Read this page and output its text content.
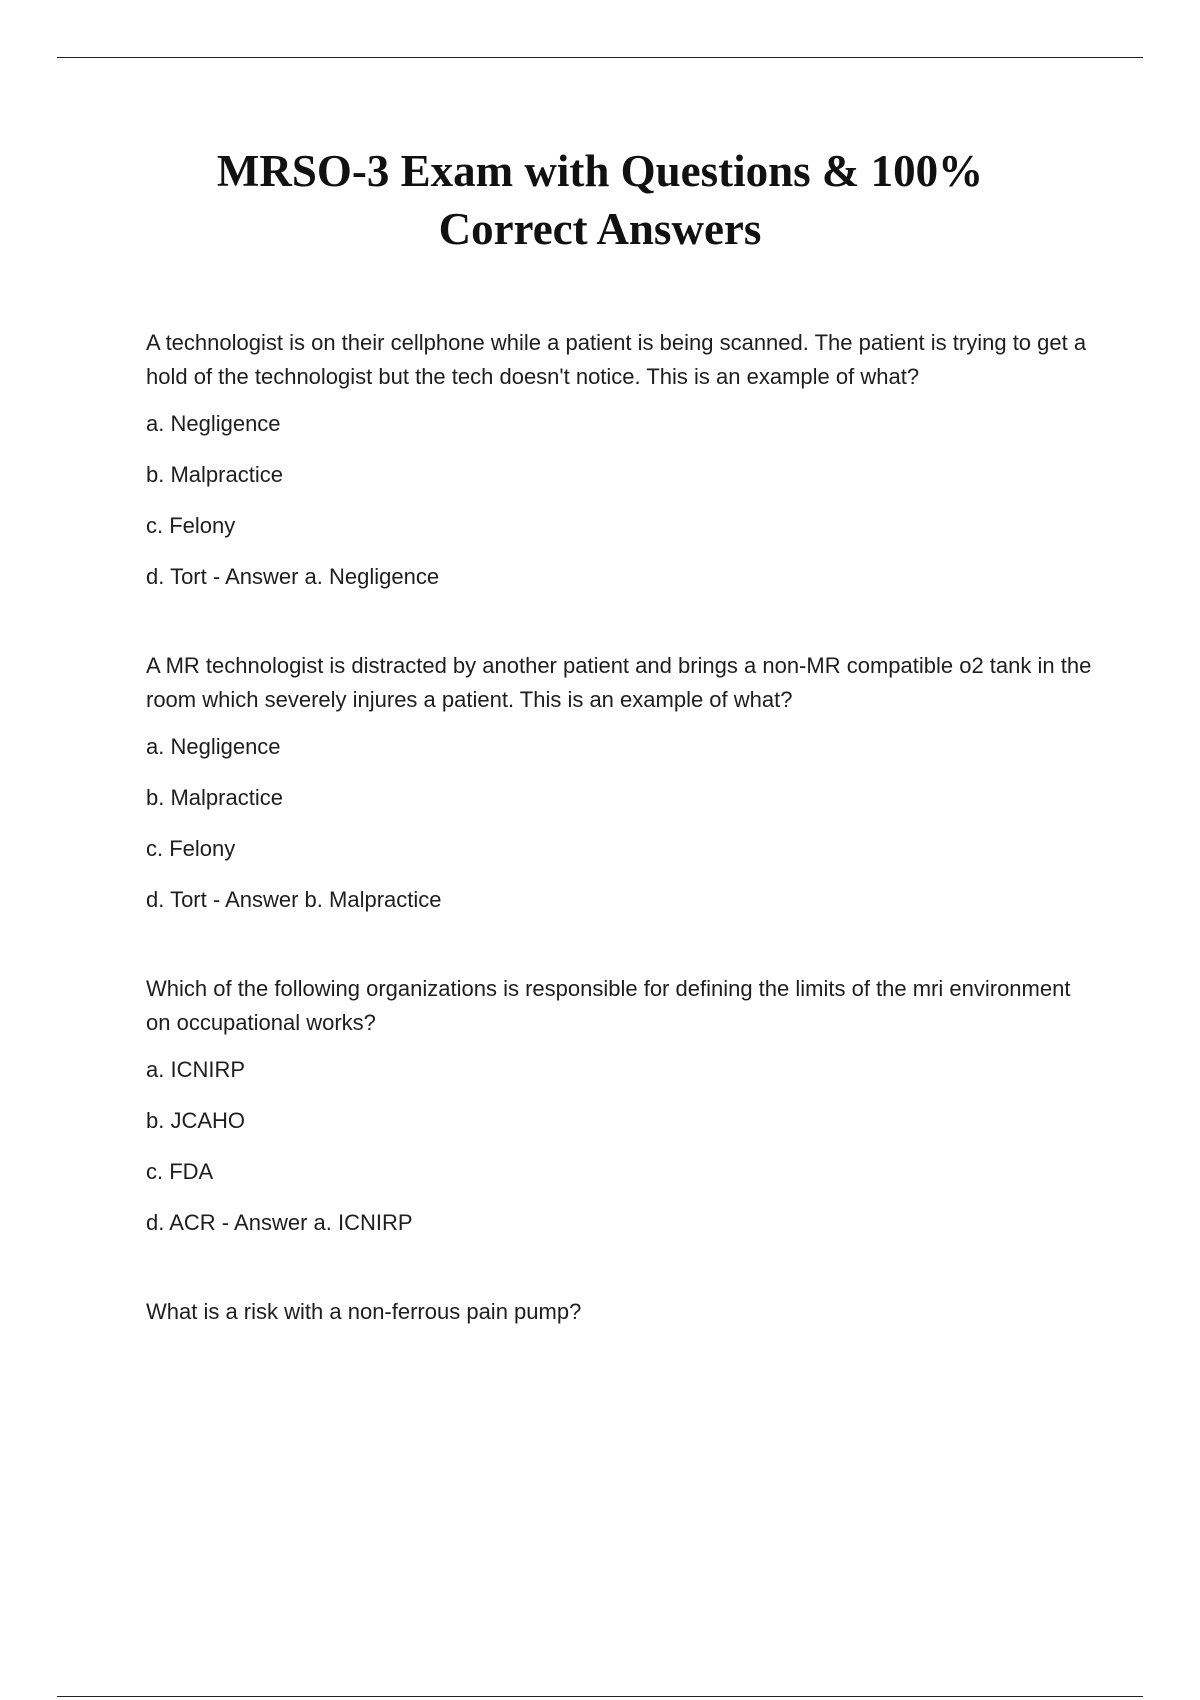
MRSO-3 Exam with Questions & 100%
Correct Answers

A technologist is on their cellphone while a patient is being scanned. The patient is trying to get a hold of the technologist but the tech doesn't notice. This is an example of what?

a. Negligence

b. Malpractice

c. Felony

d. Tort - Answer a. Negligence

A MR technologist is distracted by another patient and brings a non-MR compatible o2 tank in the room which severely injures a patient. This is an example of what?

a. Negligence

b. Malpractice

c. Felony

d. Tort - Answer b. Malpractice

Which of the following organizations is responsible for defining the limits of the mri environment on occupational works?

a. ICNIRP

b. JCAHO

c. FDA

d. ACR - Answer a. ICNIRP

What is a risk with a non-ferrous pain pump?
